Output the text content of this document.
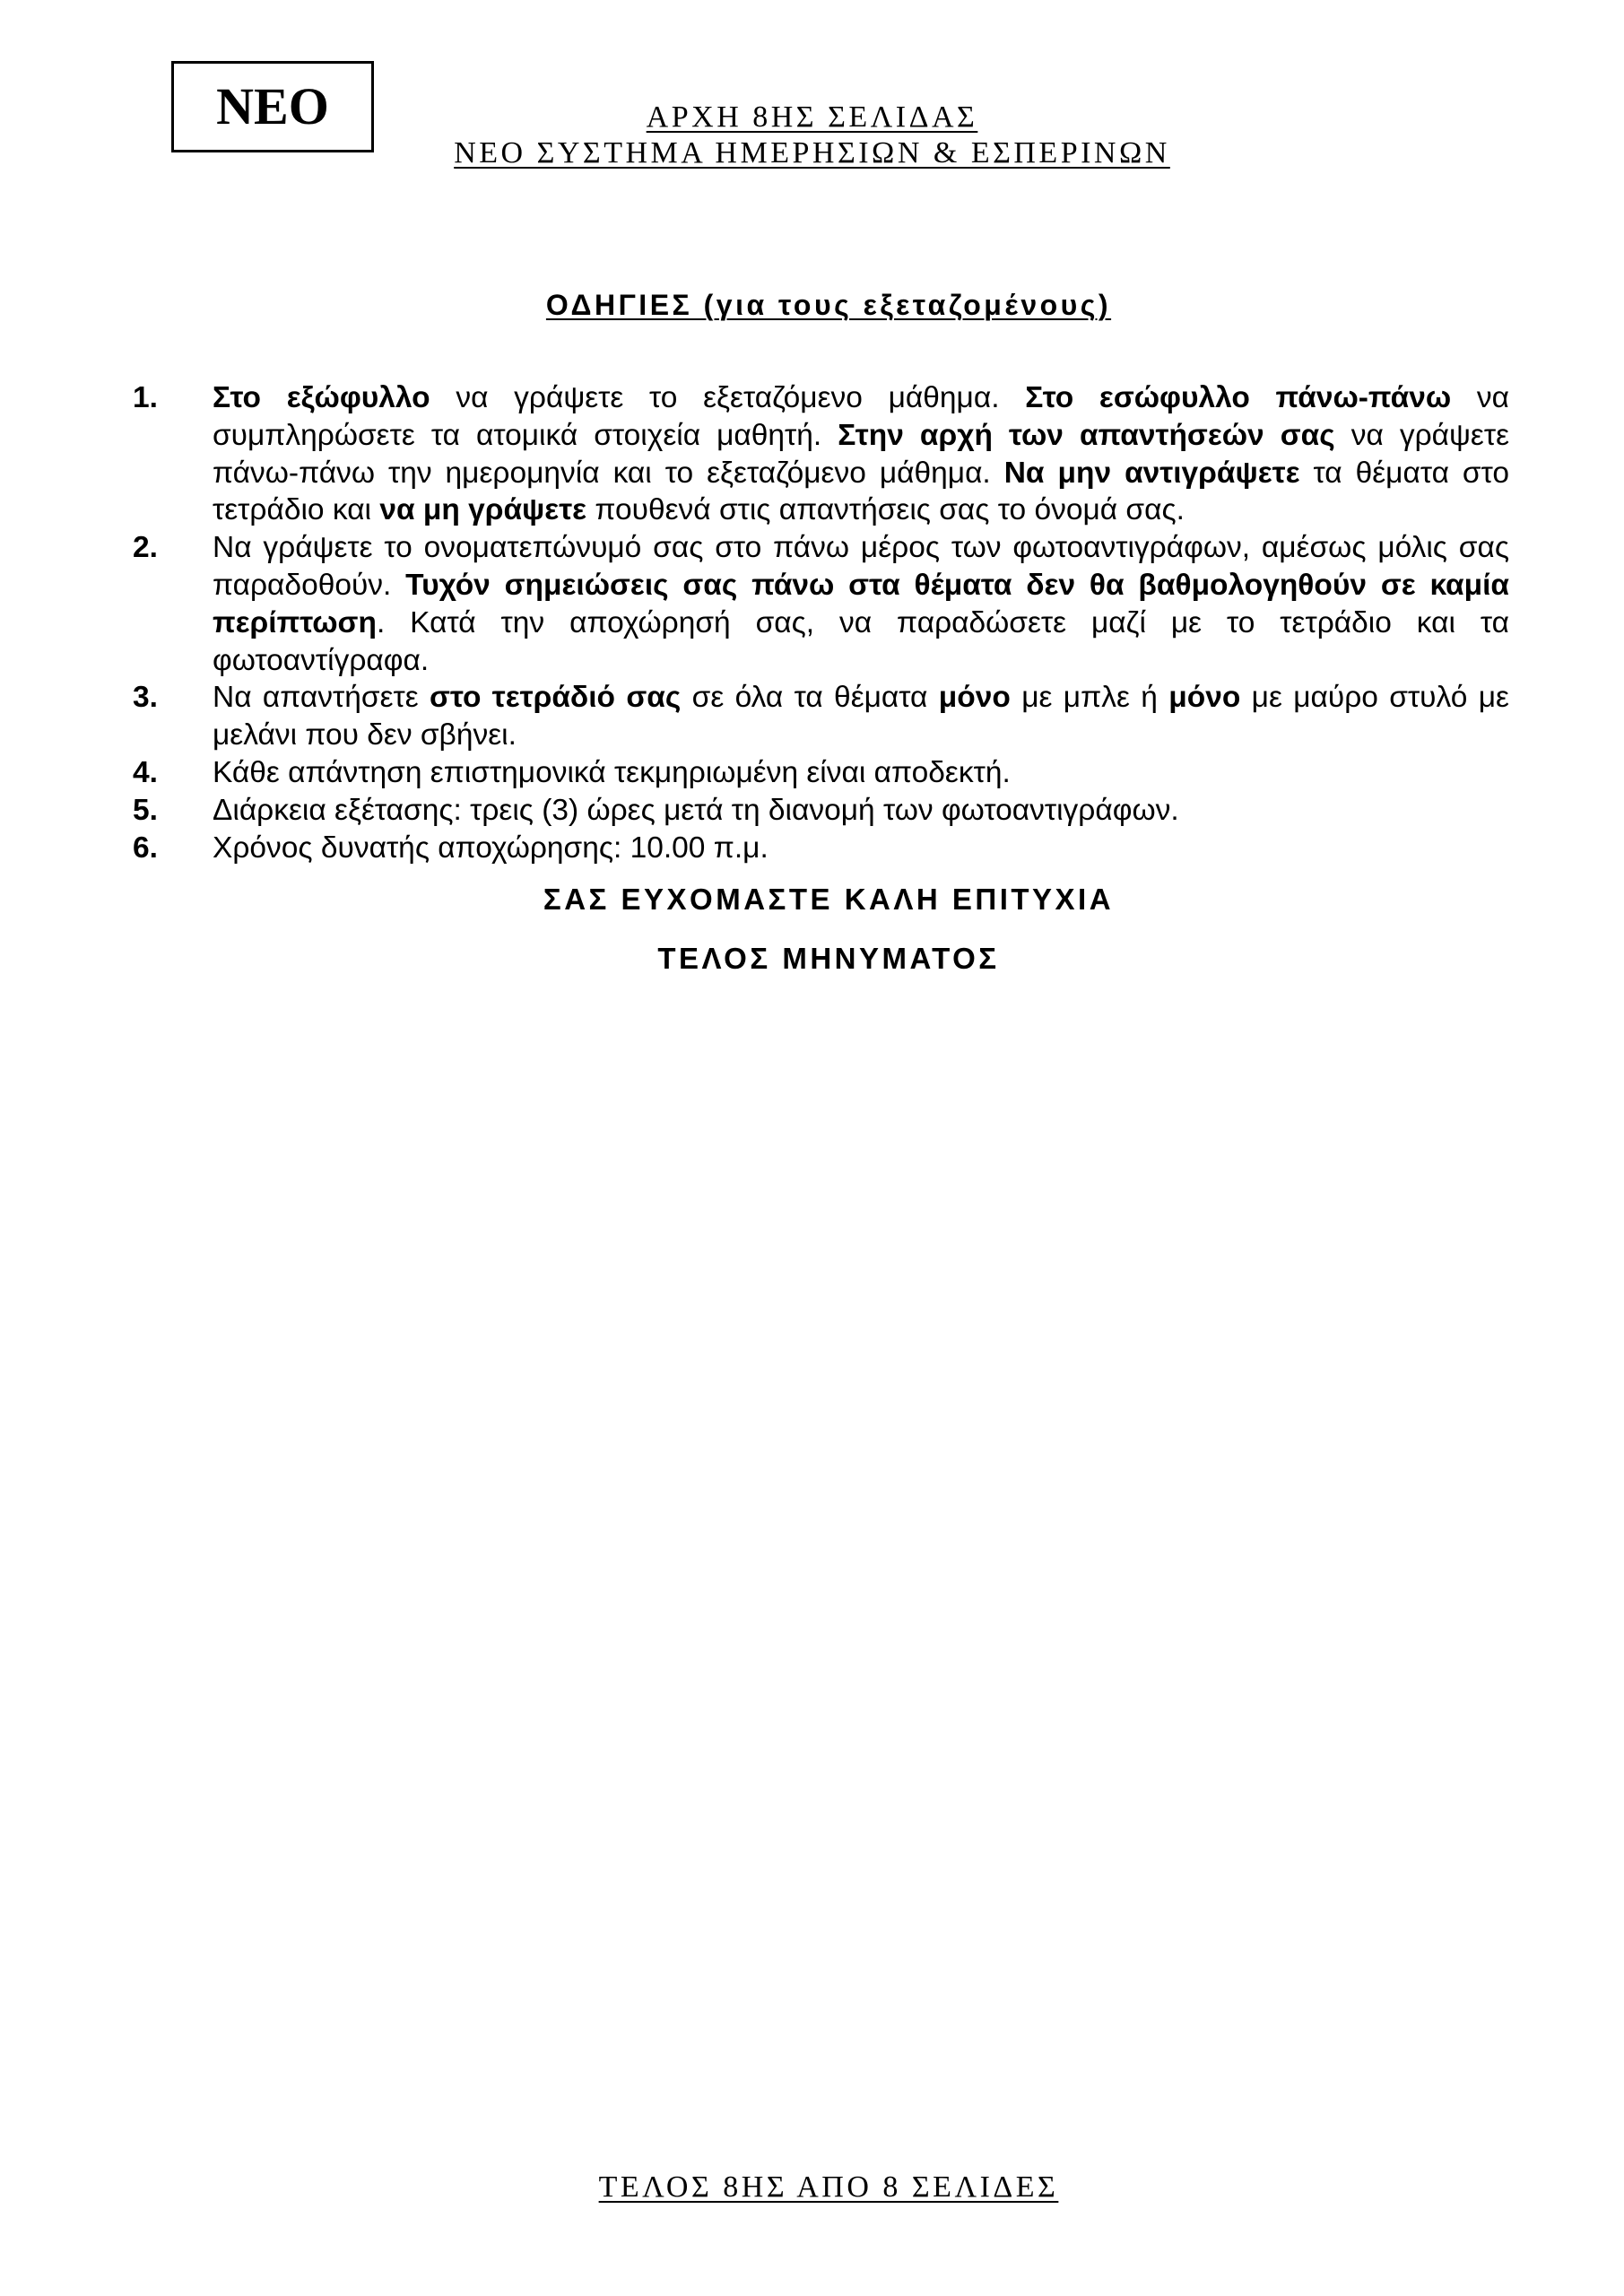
ΝΕΟ	ΑΡΧΗ 8ΗΣ ΣΕΛΙΔΑΣ
ΝΕΟ ΣΥΣΤΗΜΑ ΗΜΕΡΗΣΙΩΝ & ΕΣΠΕΡΙΝΩΝ
ΟΔΗΓΙΕΣ (για τους εξεταζομένους)
1. Στο εξώφυλλο να γράψετε το εξεταζόμενο μάθημα. Στο εσώφυλλο πάνω-πάνω να συμπληρώσετε τα ατομικά στοιχεία μαθητή. Στην αρχή των απαντήσεών σας να γράψετε πάνω-πάνω την ημερομηνία και το εξεταζόμενο μάθημα. Να μην αντιγράψετε τα θέματα στο τετράδιο και να μη γράψετε πουθενά στις απαντήσεις σας το όνομά σας.
2. Να γράψετε το ονοματεπώνυμό σας στο πάνω μέρος των φωτοαντιγράφων, αμέσως μόλις σας παραδοθούν. Τυχόν σημειώσεις σας πάνω στα θέματα δεν θα βαθμολογηθούν σε καμία περίπτωση. Κατά την αποχώρησή σας, να παραδώσετε μαζί με το τετράδιο και τα φωτοαντίγραφα.
3. Να απαντήσετε στο τετράδιό σας σε όλα τα θέματα μόνο με μπλε ή μόνο με μαύρο στυλό με μελάνι που δεν σβήνει.
4. Κάθε απάντηση επιστημονικά τεκμηριωμένη είναι αποδεκτή.
5. Διάρκεια εξέτασης: τρεις (3) ώρες μετά τη διανομή των φωτοαντιγράφων.
6. Χρόνος δυνατής αποχώρησης: 10.00 π.μ.
ΣΑΣ ΕΥΧΟΜΑΣΤΕ ΚΑΛΗ ΕΠΙΤΥΧΙΑ
ΤΕΛΟΣ ΜΗΝΥΜΑΤΟΣ
ΤΕΛΟΣ 8ΗΣ ΑΠΟ 8 ΣΕΛΙΔΕΣ
